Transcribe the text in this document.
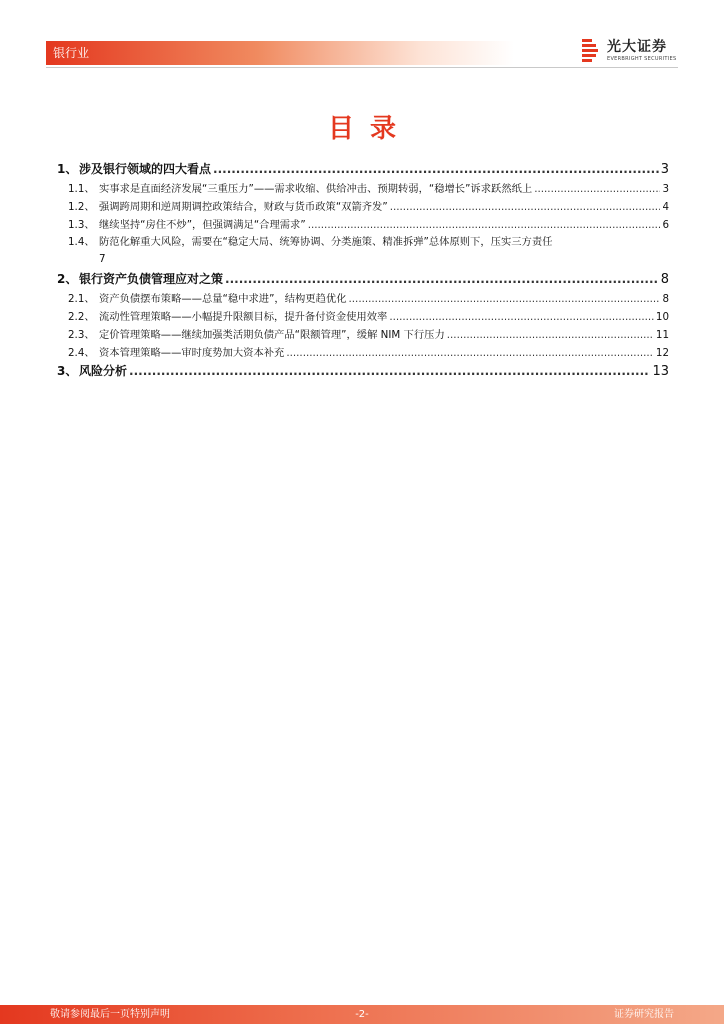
银行业	光大证券
EVERBRIGHT SECURITIES
目录
1、 涉及银行领域的四大看点 .....	3
1.1、 实事求是直面经济发展“三重压力”——需求收缩、供给冲击、预期转弱，“稳增长”诉求跃然纸上 .....	3
1.2、 强调跨周期和逆周期调控政策结合，财政与货币政策“双箭齐发” .....	4
1.3、 继续坚持“房住不炒”，但强调满足“合理需求” .....	6
1.4、 防范化解重大风险，需要在“稳定大局、统筹协调、分类施策、精准拆弹”总体原则下，压实三方责任
7
2、 银行资产负债管理应对之策 .....	8
2.1、 资产负债摆布策略——总量“稳中求进”，结构更趋优化 .....	8
2.2、 流动性管理策略——小幅提升限额目标，提升备付资金使用效率 .....	10
2.3、 定价管理策略——继续加强类活期负债产品“限额管理”，缓解 NIM 下行压力 .....	11
2.4、 资本管理策略——审时度势加大资本补充 .....	12
3、 风险分析 .....	13
敬请参阅最后一页特别声明	-2-	证券研究报告
